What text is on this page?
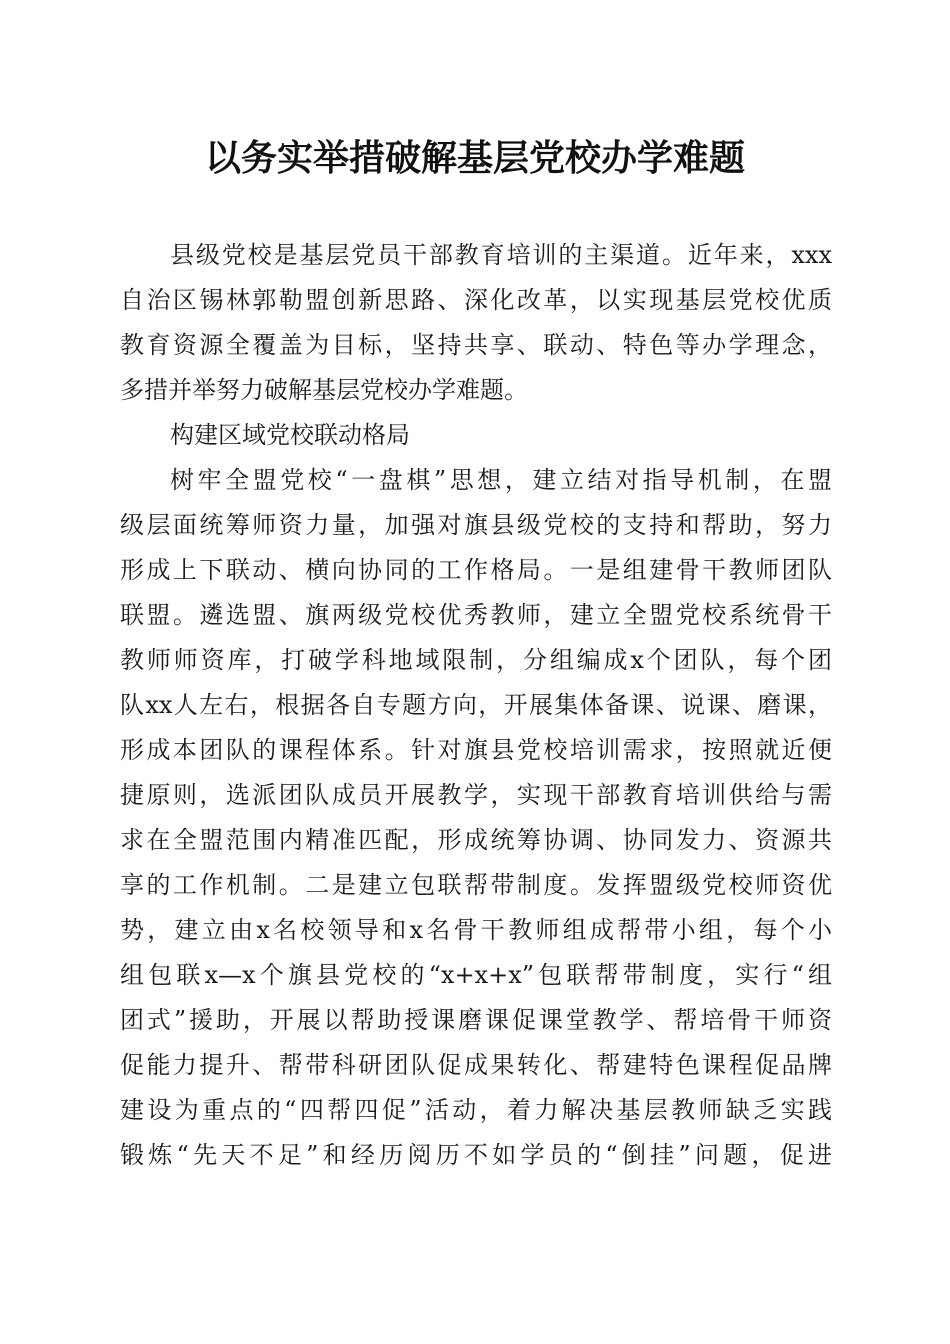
以务实举措破解基层党校办学难题
县级党校是基层党员干部教育培训的主渠道。近年来，xxx
自治区锡林郭勒盟创新思路、深化改革，以实现基层党校优质
教育资源全覆盖为目标，坚持共享、联动、特色等办学理念，
多措并举努力破解基层党校办学难题。
构建区域党校联动格局
树牢全盟党校“一盘棋”思想，建立结对指导机制，在盟
级层面统筹师资力量，加强对旗县级党校的支持和帮助，努力
形成上下联动、横向协同的工作格局。一是组建骨干教师团队
联盟。遴选盟、旗两级党校优秀教师，建立全盟党校系统骨干
教师师资库，打破学科地域限制，分组编成x个团队，每个团
队xx人左右，根据各自专题方向，开展集体备课、说课、磨课，
形成本团队的课程体系。针对旗县党校培训需求，按照就近便
捷原则，选派团队成员开展教学，实现干部教育培训供给与需
求在全盟范围内精准匹配，形成统筹协调、协同发力、资源共
享的工作机制。二是建立包联帮带制度。发挥盟级党校师资优
势，建立由x名校领导和x名骨干教师组成帮带小组，每个小
组包联x—x个旗县党校的“x+x+x”包联帮带制度，实行“组
团式”援助，开展以帮助授课磨课促课堂教学、帮培骨干师资
促能力提升、帮带科研团队促成果转化、帮建特色课程促品牌
建设为重点的“四帮四促”活动，着力解决基层教师缺乏实践
锻炼“先天不足”和经历阅历不如学员的“倒挂”问题，促进
